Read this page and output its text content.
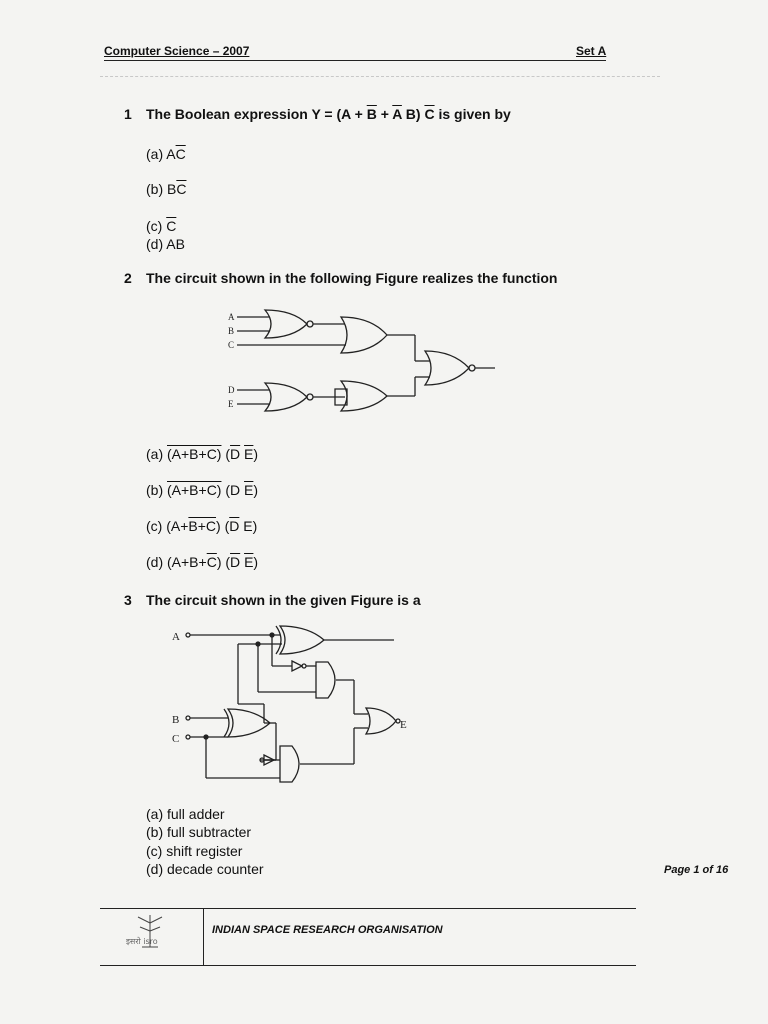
Computer Science – 2007	Set A
1 The Boolean expression $Y = (A + \overline{B} + \overline{A}$ B) $\overline{C}$ is given by
(a) $A\overline{C}$
(b) $B\overline{C}$
(c) $\overline{C}$
(d) AB
2 The circuit shown in the following Figure realizes the function
A
B
C
D
E
(a) (A+B+C) ($\overline{D}$ $\overline{E}$)
(b) (A+B+C) (D $\overline{E}$)
(c) (A+B+C) ($\overline{D}$ E)
(d) $(A+B+\overline{C})$ ($\overline{D}$ $\overline{E}$)
3 The circuit shown in the given Figure is a
A
B
C
E
(a) full adder
(b) full subtracter
(c) shift register
(d) decade counter	Page 1 of 16
इसरो isro
INDIAN SPACE RESEARCH ORGANISATION
